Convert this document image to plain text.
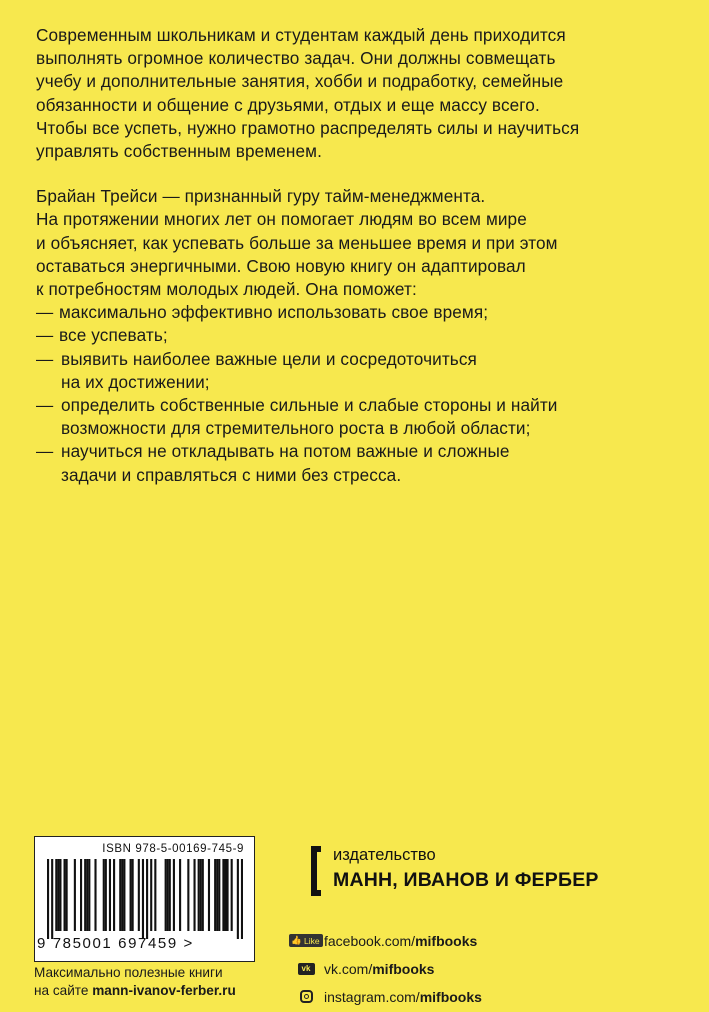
Современным школьникам и студентам каждый день приходится
выполнять огромное количество задач. Они должны совмещать
учебу и дополнительные занятия, хобби и подработку, семейные
обязанности и общение с друзьями, отдых и еще массу всего.
Чтобы все успеть, нужно грамотно распределять силы и научиться
управлять собственным временем.

Брайан Трейси — признанный гуру тайм-менеджмента.
На протяжении многих лет он помогает людям во всем мире
и объясняет, как успевать больше за меньшее время и при этом
оставаться энергичными. Свою новую книгу он адаптировал
к потребностям молодых людей. Она поможет:

— максимально эффективно использовать свое время;
— все успевать;
— выявить наиболее важные цели и сосредоточиться
на их достижении;
— определить собственные сильные и слабые стороны и найти
возможности для стремительного роста в любой области;
— научиться не откладывать на потом важные и сложные
задачи и справляться с ними без стресса.
ISBN 978-5-00169-745-9
9 785001 697459 >
Максимально полезные книги
на сайте mann-ivanov-ferber.ru
издательство
МАНН, ИВАНОВ И ФЕРБЕР
👍 Like facebook.com/mifbooks
vk vk.com/mifbooks
instagram.com/mifbooks
